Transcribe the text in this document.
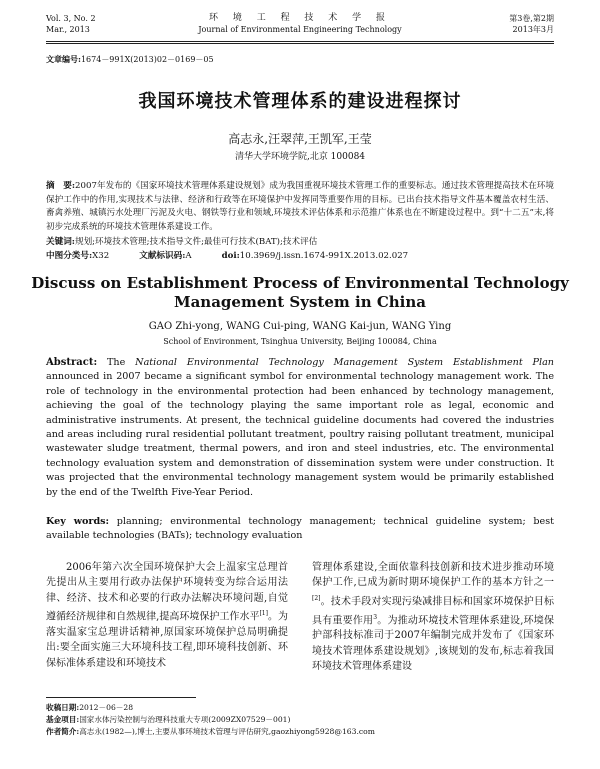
Vol. 3, No. 2
Mar., 2013
环 境 工 程 技 术 学 报
Journal of Environmental Engineering Technology
第3卷,第2期
2013年3月
文章编号:1674－991X(2013)02－0169－05
我国环境技术管理体系的建设进程探讨
高志永,汪翠萍,王凯军,王莹
清华大学环境学院,北京 100084
摘　要:2007年发布的《国家环境技术管理体系建设规划》成为我国重视环境技术管理工作的重要标志。通过技术管理提高技术在环境保护工作中的作用,实现技术与法律、经济和行政等在环境保护中发挥同等重要作用的目标。已出台技术指导文件基本覆盖农村生活、畜禽养殖、城镇污水处理厂污泥及火电、钢铁等行业和领域,环境技术评估体系和示范推广体系也在不断建设过程中。到“十二五”末,将初步完成系统的环境技术管理体系建设工作。
关键词:规划;环境技术管理;技术指导文件;最佳可行技术(BAT);技术评估
中图分类号:X32	文献标识码:A	doi:10.3969/j.issn.1674-991X.2013.02.027
Discuss on Establishment Process of Environmental Technology Management System in China
GAO Zhi-yong, WANG Cui-ping, WANG Kai-jun, WANG Ying
School of Environment, Tsinghua University, Beijing 100084, China
Abstract: The National Environmental Technology Management System Establishment Plan announced in 2007 became a significant symbol for environmental technology management work. The role of technology in the environmental protection had been enhanced by technology management, achieving the goal of the technology playing the same important role as legal, economic and administrative instruments. At present, the technical guideline documents had covered the industries and areas including rural residential pollutant treatment, poultry raising pollutant treatment, municipal wastewater sludge treatment, thermal powers, and iron and steel industries, etc. The environmental technology evaluation system and demonstration of dissemination system were under construction. It was projected that the environmental technology management system would be primarily established by the end of the Twelfth Five-Year Period.
Key words: planning; environmental technology management; technical guideline system; best available technologies (BATs); technology evaluation
2006年第六次全国环境保护大会上温家宝总理首先提出从主要用行政办法保护环境转变为综合运用法律、经济、技术和必要的行政办法解决环境问题,自觉遵循经济规律和自然规律,提高环境保护工作水平[1]。为落实温家宝总理讲话精神,原国家环境保护总局明确提出:要全面实施三大环境科技工程,即环境科技创新、环保标准体系建设和环境技术
管理体系建设,全面依靠科技创新和技术进步推动环境保护工作,已成为新时期环境保护工作的基本方针之一[2]。技术手段对实现污染减排目标和国家环境保护目标具有重要作用$^3$。为推动环境技术管理体系建设,环境保护部科技标准司于2007年编制完成并发布了《国家环境技术管理体系建设规划》,该规划的发布,标志着我国环境技术管理体系建设
收稿日期:2012－06－28
基金项目:国家水体污染控制与治理科技重大专项(2009ZX07529－001)
作者简介:高志永(1982—),博士,主要从事环境技术管理与评估研究,gaozhiyong5928@163.com
